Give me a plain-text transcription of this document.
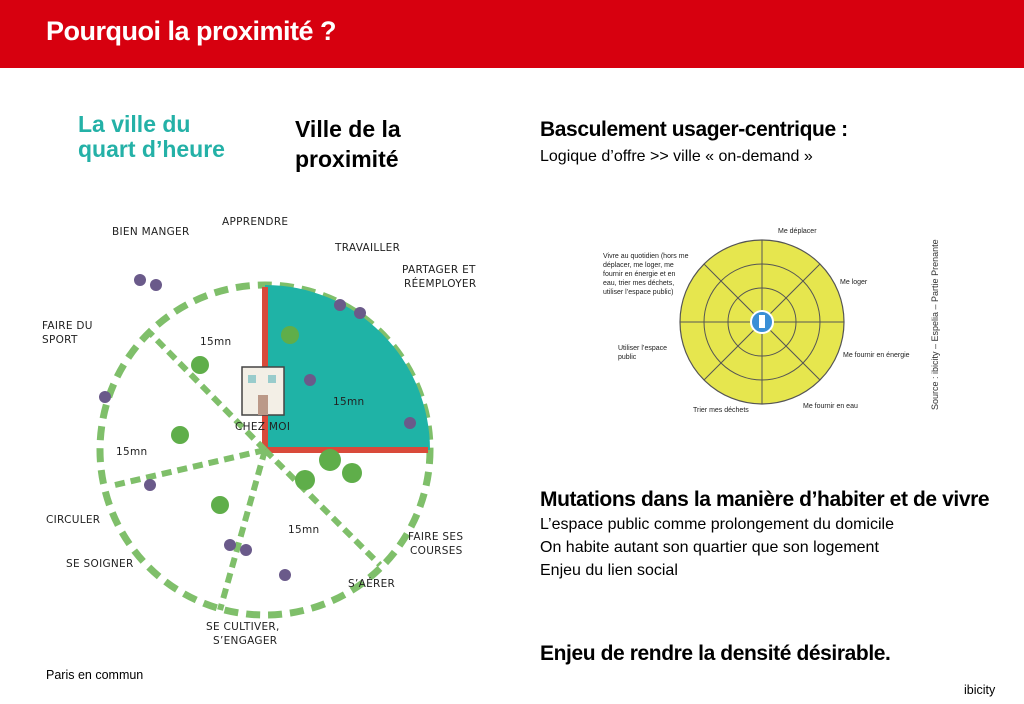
Pourquoi la proximité ?
La ville du
quart d’heure
Ville de la proximité
BIEN MANGER
APPRENDRE
TRAVAILLER
PARTAGER ET
RÉEMPLOYER
FAIRE DU
SPORT
CHEZ MOI
CIRCULER
SE SOIGNER
FAIRE SES
COURSES
S’AÉRER
SE CULTIVER,
S’ENGAGER
15mn
15mn
15mn
15mn
Paris en commun
Basculement usager-centrique :
Logique d’offre >> ville « on-demand »
Me déplacer
Me loger
Me fournir en énergie
Me fournir en eau
Trier mes déchets
Utiliser l’espace public
Vivre au quotidien (hors me déplacer, me loger, me fournir en énergie et en eau, trier mes déchets, utiliser l’espace public)	Source : ibicity – Espelia – Partie Prenante
Mutations dans la manière d’habiter et de vivre
L’espace public comme prolongement du domicile
On habite autant son quartier que son logement
Enjeu du lien social
Enjeu de rendre la densité désirable.
ibicity
